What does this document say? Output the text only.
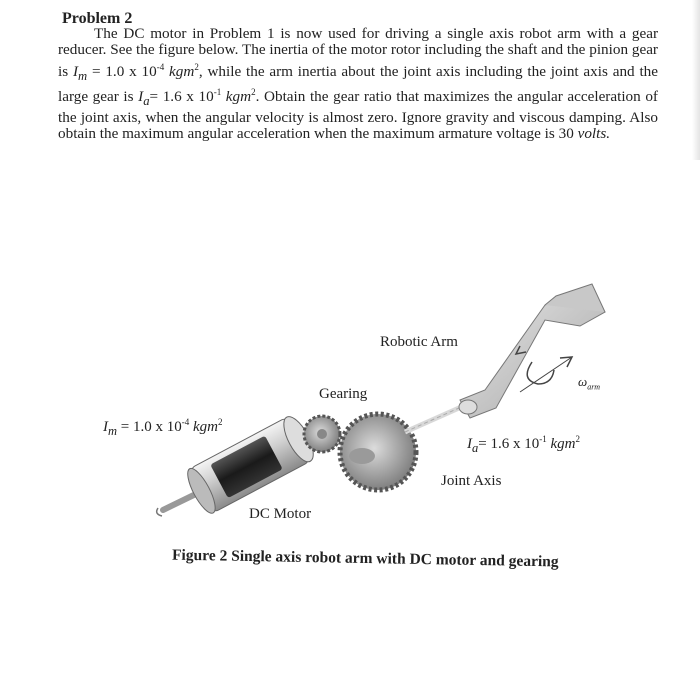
Problem 2
The DC motor in Problem 1 is now used for driving a single axis robot arm with a gear reducer. See the figure below. The inertia of the motor rotor including the shaft and the pinion gear is $I_m = 1.0$ x $10^{-4}$ kgm$^2$, while the arm inertia about the joint axis including the joint axis and the large gear is $I_a= 1.6$ x $10^{-1}$ kgm$^2$. Obtain the gear ratio that maximizes the angular acceleration of the joint axis, when the angular velocity is almost zero. Ignore gravity and viscous damping. Also obtain the maximum angular acceleration when the maximum armature voltage is 30 volts.
Robotic Arm
Gearing
$I_m = 1.0$ x $10^{-4}$ kgm$^2$
$\omega_{arm}$
$I_a= 1.6$ x $10^{-1}$ kgm$^2$
Joint Axis
DC Motor
Figure 2 Single axis robot arm with DC motor and gearing
